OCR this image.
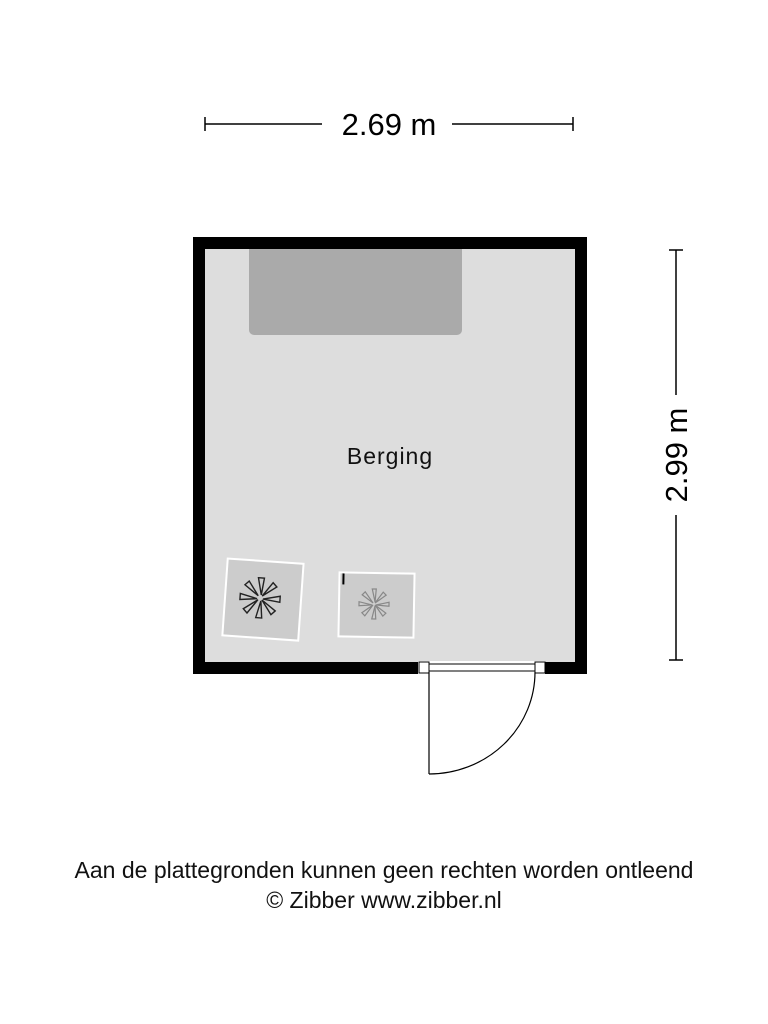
2.69 m
2.99 m
Berging
Aan de plattegronden kunnen geen rechten worden ontleend
© Zibber www.zibber.nl
